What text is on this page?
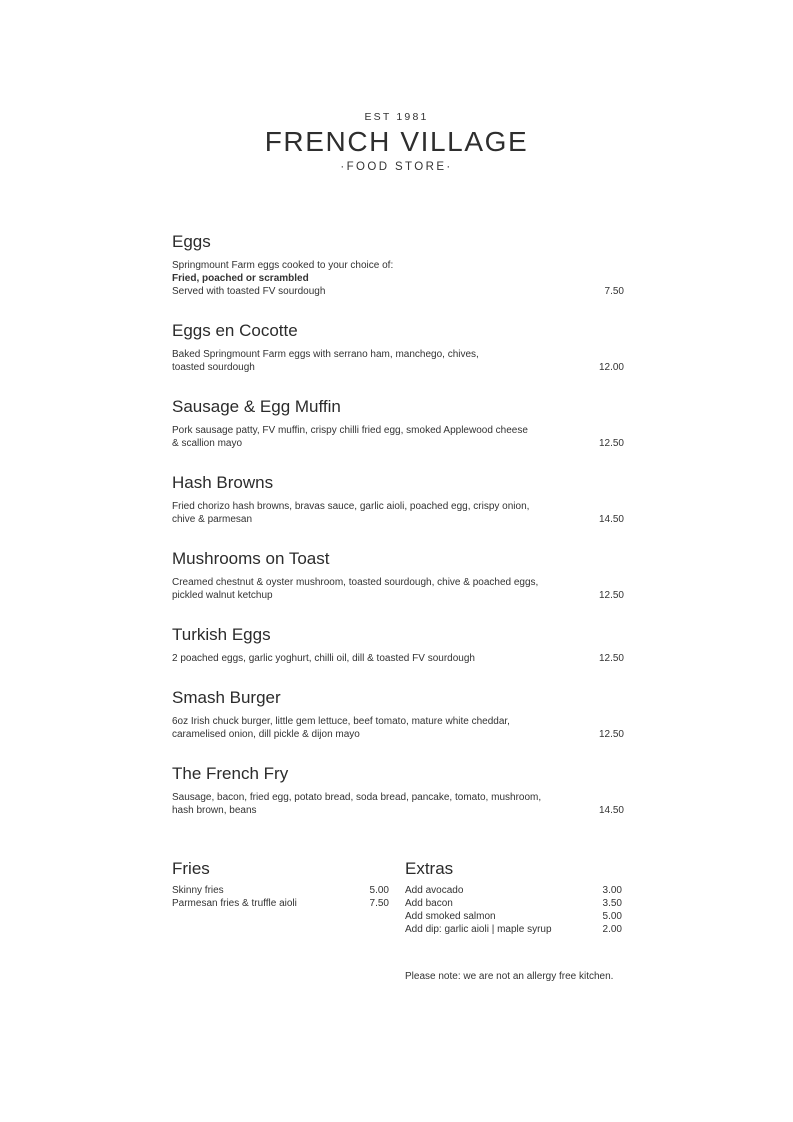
EST 1981
FRENCH VILLAGE
·FOOD STORE·
Eggs
Springmount Farm eggs cooked to your choice of:
Fried, poached or scrambled
Served with toasted FV sourdough	7.50
Eggs en Cocotte
Baked Springmount Farm eggs with serrano ham, manchego, chives,
toasted sourdough	12.00
Sausage & Egg Muffin
Pork sausage patty, FV muffin, crispy chilli fried egg, smoked Applewood cheese
& scallion mayo	12.50
Hash Browns
Fried chorizo hash browns, bravas sauce, garlic aioli, poached egg, crispy onion,
chive & parmesan	14.50
Mushrooms on Toast
Creamed chestnut & oyster mushroom, toasted sourdough, chive & poached eggs,
pickled walnut ketchup	12.50
Turkish Eggs
2 poached eggs, garlic yoghurt, chilli oil, dill & toasted FV sourdough	12.50
Smash Burger
6oz Irish chuck burger, little gem lettuce, beef tomato, mature white cheddar,
caramelised onion, dill pickle & dijon mayo	12.50
The French Fry
Sausage, bacon, fried egg, potato bread, soda bread, pancake, tomato, mushroom,
hash brown, beans	14.50
Fries
Skinny fries	5.00
Parmesan fries & truffle aioli	7.50
Extras
Add avocado	3.00
Add bacon	3.50
Add smoked salmon	5.00
Add dip: garlic aioli | maple syrup	2.00
Please note: we are not an allergy free kitchen.
